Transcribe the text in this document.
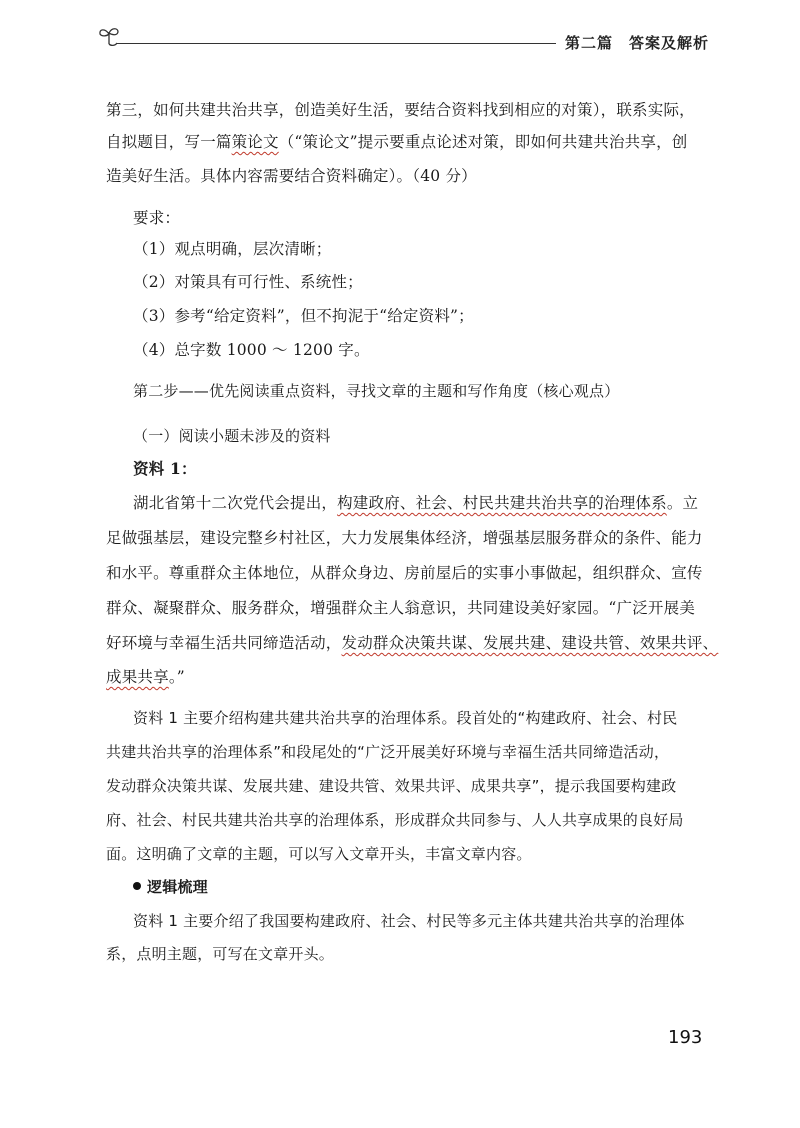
第二篇　答案及解析
第三，如何共建共治共享，创造美好生活，要结合资料找到相应的对策），联系实际，
自拟题目，写一篇策论文（“策论文”提示要重点论述对策，即如何共建共治共享，创
造美好生活。具体内容需要结合资料确定）。（40 分）
要求：
（1）观点明确，层次清晰；
（2）对策具有可行性、系统性；
（3）参考“给定资料”，但不拘泥于“给定资料”；
（4）总字数 1000 ～ 1200 字。
第二步——优先阅读重点资料，寻找文章的主题和写作角度（核心观点）
（一）阅读小题未涉及的资料
资料 1：
湖北省第十二次党代会提出，构建政府、社会、村民共建共治共享的治理体系。立
足做强基层，建设完整乡村社区，大力发展集体经济，增强基层服务群众的条件、能力
和水平。尊重群众主体地位，从群众身边、房前屋后的实事小事做起，组织群众、宣传
群众、凝聚群众、服务群众，增强群众主人翁意识，共同建设美好家园。“广泛开展美
好环境与幸福生活共同缔造活动，发动群众决策共谋、发展共建、建设共管、效果共评、
成果共享。”
资料 1 主要介绍构建共建共治共享的治理体系。段首处的“构建政府、社会、村民
共建共治共享的治理体系”和段尾处的“广泛开展美好环境与幸福生活共同缔造活动，
发动群众决策共谋、发展共建、建设共管、效果共评、成果共享”，提示我国要构建政
府、社会、村民共建共治共享的治理体系，形成群众共同参与、人人共享成果的良好局
面。这明确了文章的主题，可以写入文章开头，丰富文章内容。
逻辑梳理
资料 1 主要介绍了我国要构建政府、社会、村民等多元主体共建共治共享的治理体
系，点明主题，可写在文章开头。
193
